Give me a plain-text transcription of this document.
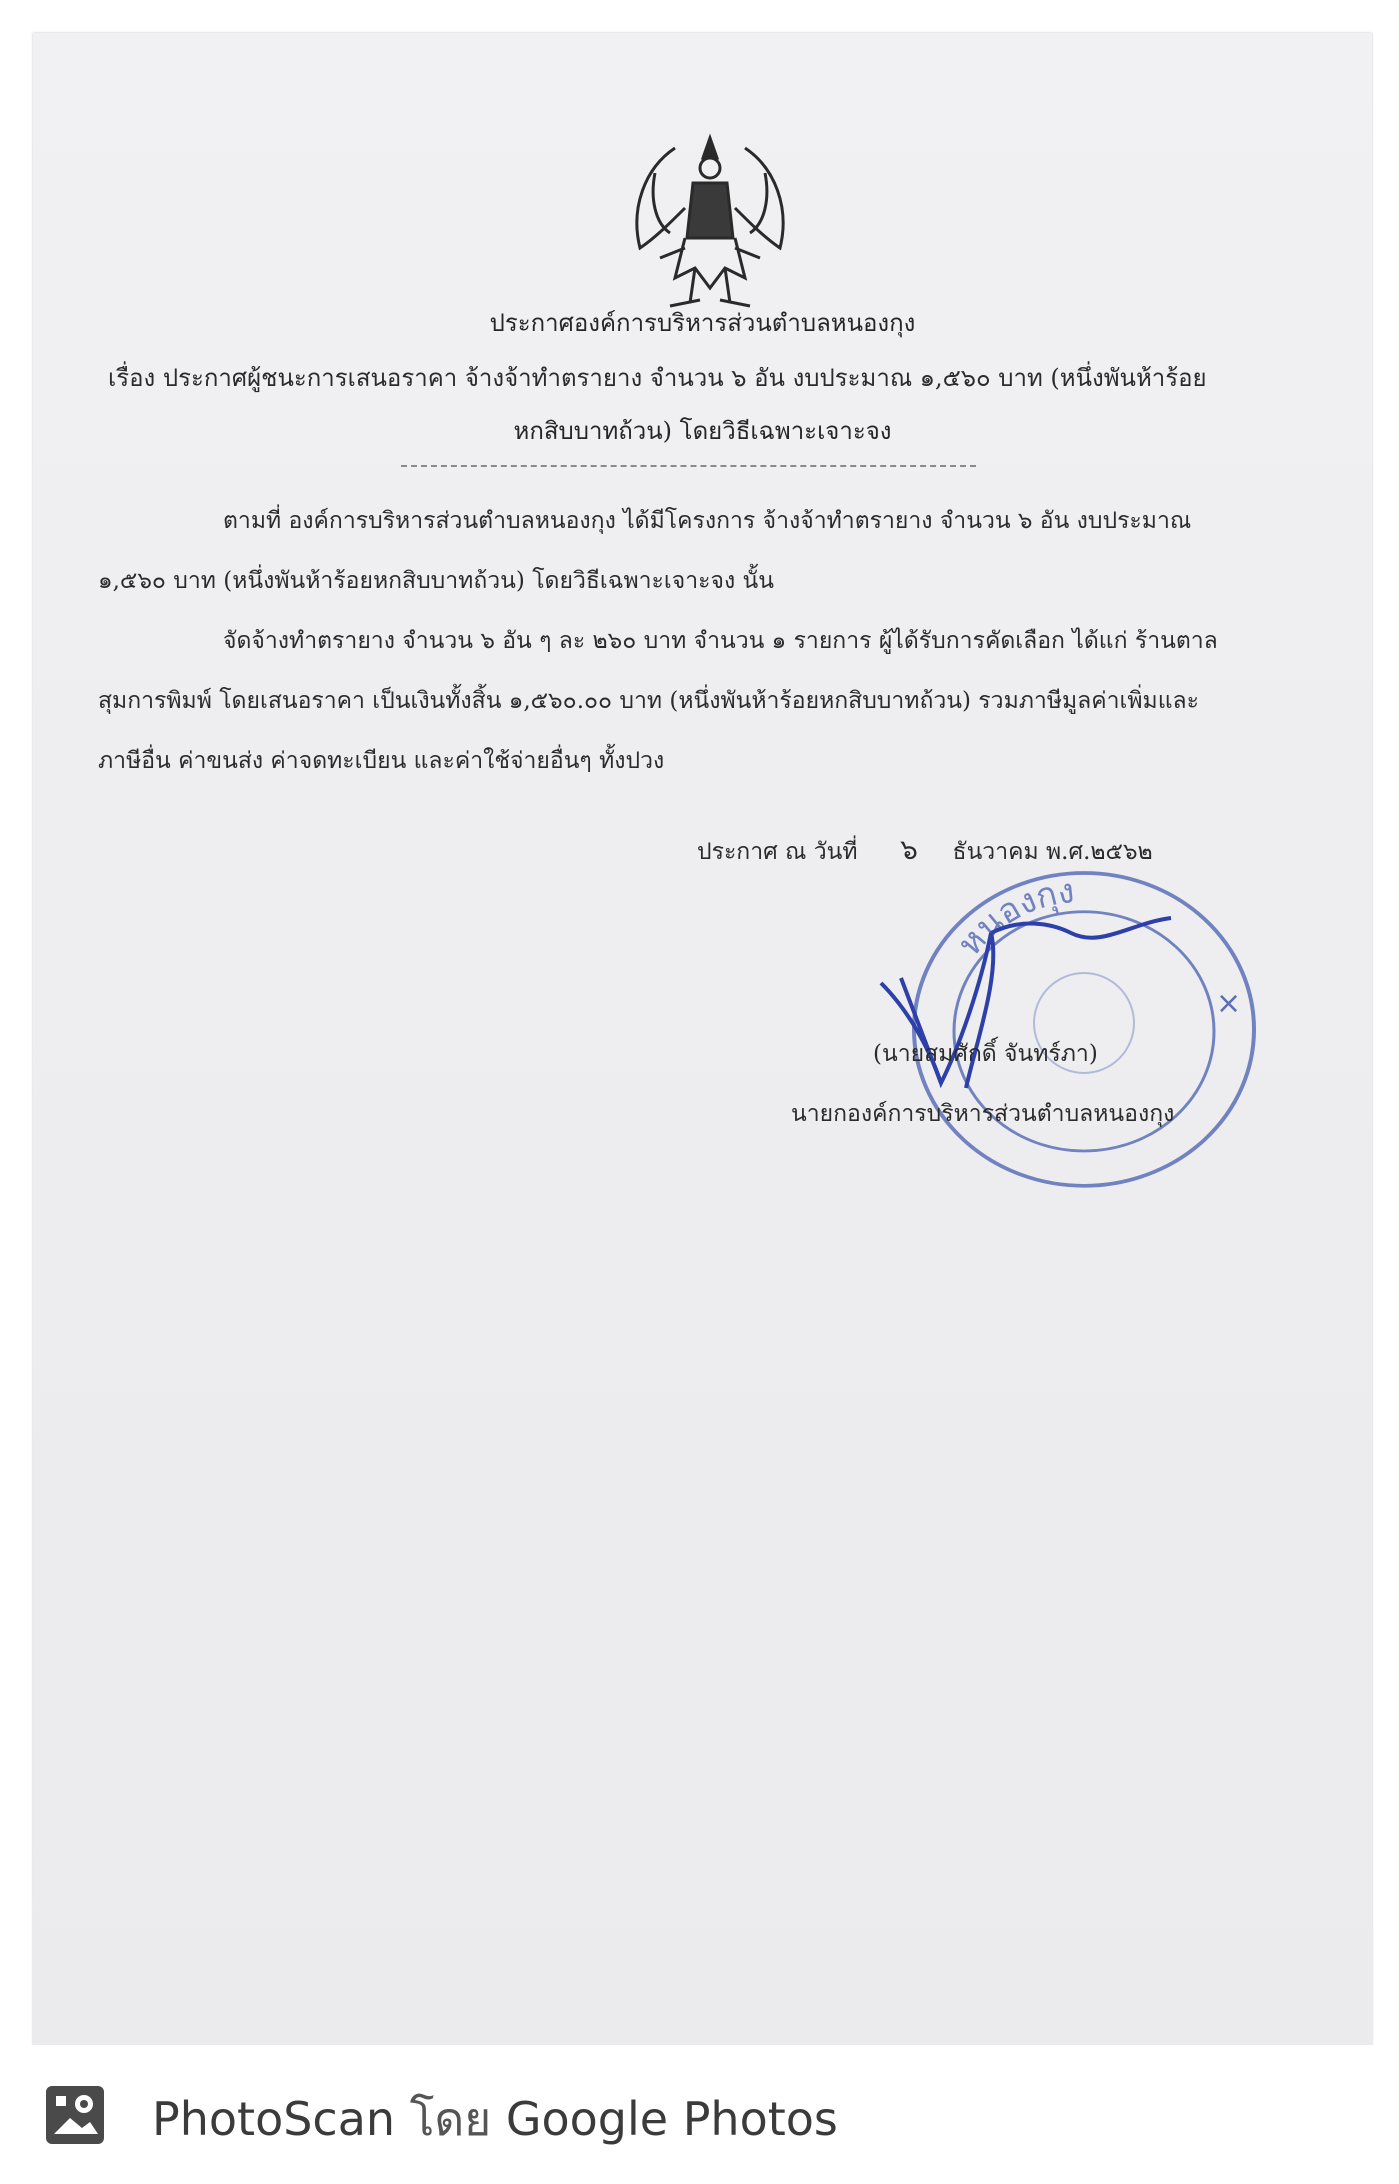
ประกาศองค์การบริหารส่วนตำบลหนองกุง
เรื่อง ประกาศผู้ชนะการเสนอราคา จ้างจ้าทำตรายาง จำนวน ๖ อัน งบประมาณ ๑,๕๖๐ บาท (หนึ่งพันห้าร้อย
หกสิบบาทถ้วน) โดยวิธีเฉพาะเจาะจง
ตามที่ องค์การบริหารส่วนตำบลหนองกุง ได้มีโครงการ จ้างจ้าทำตรายาง จำนวน ๖ อัน งบประมาณ
๑,๕๖๐ บาท (หนึ่งพันห้าร้อยหกสิบบาทถ้วน) โดยวิธีเฉพาะเจาะจง นั้น
จัดจ้างทำตรายาง จำนวน ๖ อัน ๆ ละ ๒๖๐ บาท จำนวน ๑ รายการ ผู้ได้รับการคัดเลือก ได้แก่ ร้านตาล
สุมการพิมพ์ โดยเสนอราคา เป็นเงินทั้งสิ้น ๑,๕๖๐.๐๐ บาท (หนึ่งพันห้าร้อยหกสิบบาทถ้วน) รวมภาษีมูลค่าเพิ่มและ
ภาษีอื่น ค่าขนส่ง ค่าจดทะเบียน และค่าใช้จ่ายอื่นๆ ทั้งปวง
ประกาศ ณ วันที่ ๖ ธันวาคม พ.ศ.๒๕๖๒
หนองกุง
×
(นายสมศักดิ์ จันทร์ภา)
นายกองค์การบริหารส่วนตำบลหนองกุง
PhotoScan โดย Google Photos
